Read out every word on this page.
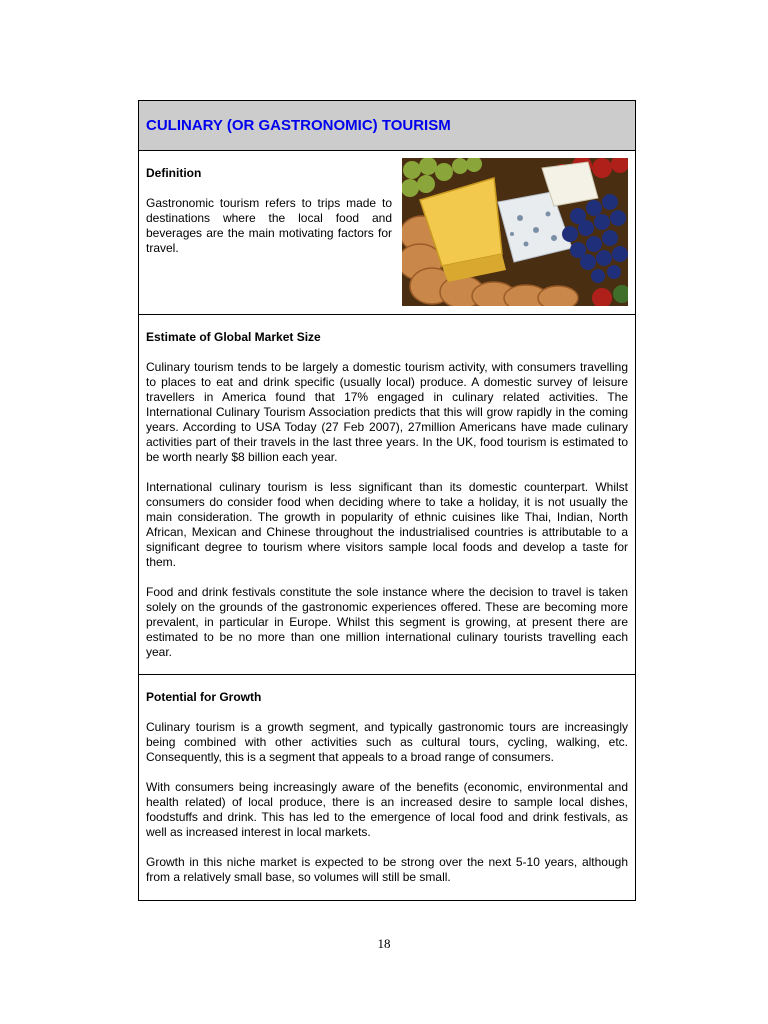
CULINARY (OR GASTRONOMIC) TOURISM

Definition

Gastronomic tourism refers to trips made to destinations where the local food and beverages are the main motivating factors for travel.

Estimate of Global Market Size

Culinary tourism tends to be largely a domestic tourism activity, with consumers travelling to places to eat and drink specific (usually local) produce. A domestic survey of leisure travellers in America found that 17% engaged in culinary related activities. The International Culinary Tourism Association predicts that this will grow rapidly in the coming years. According to USA Today (27 Feb 2007), 27million Americans have made culinary activities part of their travels in the last three years. In the UK, food tourism is estimated to be worth nearly $8 billion each year.

International culinary tourism is less significant than its domestic counterpart. Whilst consumers do consider food when deciding where to take a holiday, it is not usually the main consideration. The growth in popularity of ethnic cuisines like Thai, Indian, North African, Mexican and Chinese throughout the industrialised countries is attributable to a significant degree to tourism where visitors sample local foods and develop a taste for them.

Food and drink festivals constitute the sole instance where the decision to travel is taken solely on the grounds of the gastronomic experiences offered. These are becoming more prevalent, in particular in Europe. Whilst this segment is growing, at present there are estimated to be no more than one million international culinary tourists travelling each year.

Potential for Growth

Culinary tourism is a growth segment, and typically gastronomic tours are increasingly being combined with other activities such as cultural tours, cycling, walking, etc. Consequently, this is a segment that appeals to a broad range of consumers.

With consumers being increasingly aware of the benefits (economic, environmental and health related) of local produce, there is an increased desire to sample local dishes, foodstuffs and drink. This has led to the emergence of local food and drink festivals, as well as increased interest in local markets.

Growth in this niche market is expected to be strong over the next 5-10 years, although from a relatively small base, so volumes will still be small.

18
